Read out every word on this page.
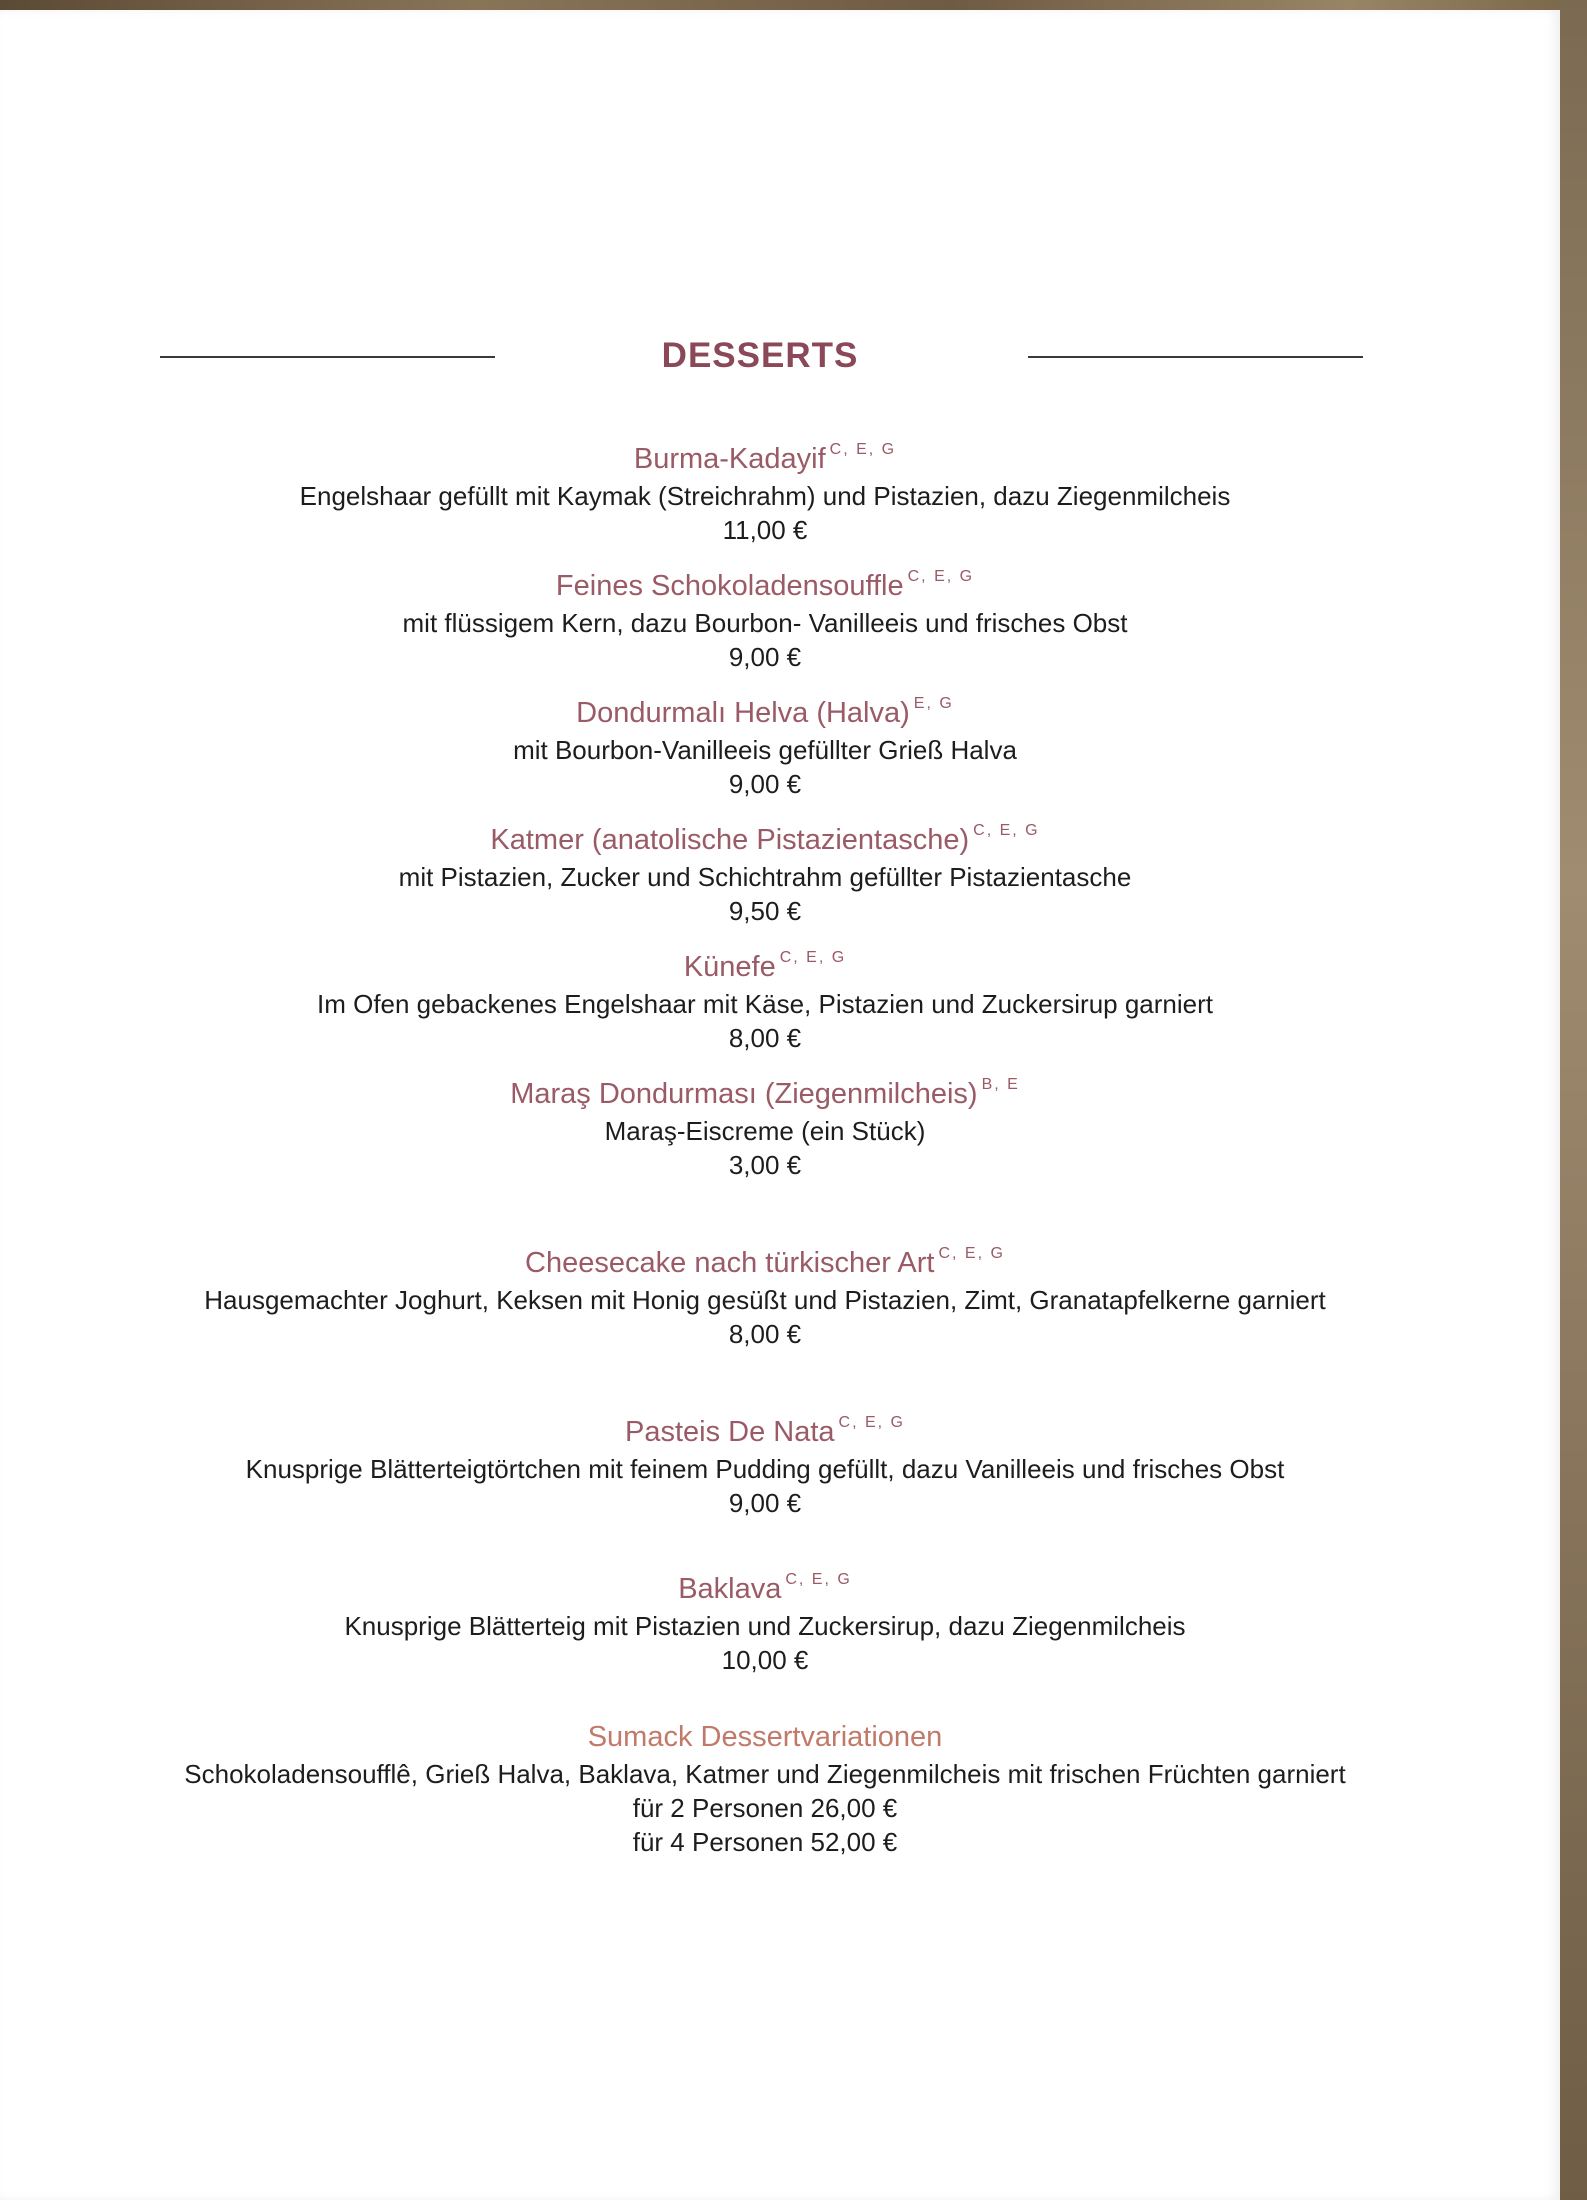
DESSERTS
Burma-Kadayif $^{C, E, G}$
Engelshaar gefüllt mit Kaymak (Streichrahm) und Pistazien, dazu Ziegenmilcheis
11,00 €
Feines Schokoladensouffle $^{C, E, G}$
mit flüssigem Kern, dazu Bourbon- Vanilleeis und frisches Obst
9,00 €
Dondurmalı Helva (Halva) $^{E, G}$
mit Bourbon-Vanilleeis gefüllter Grieß Halva
9,00 €
Katmer (anatolische Pistazientasche) $^{C, E, G}$
mit Pistazien, Zucker und Schichtrahm gefüllter Pistazientasche
9,50 €
Künefe $^{C, E, G}$
Im Ofen gebackenes Engelshaar mit Käse, Pistazien und Zuckersirup garniert
8,00 €
Maraş Dondurması (Ziegenmilcheis) $^{B, E}$
Maraş-Eiscreme (ein Stück)
3,00 €
Cheesecake nach türkischer Art $^{C, E, G}$
Hausgemachter Joghurt, Keksen mit Honig gesüßt und Pistazien, Zimt, Granatapfelkerne garniert
8,00 €
Pasteis De Nata $^{C, E, G}$
Knusprige Blätterteigtörtchen mit feinem Pudding gefüllt, dazu Vanilleeis und frisches Obst
9,00 €
Baklava $^{C, E, G}$
Knusprige Blätterteig mit Pistazien und Zuckersirup, dazu Ziegenmilcheis
10,00 €
Sumack Dessertvariationen
Schokoladensoufflê, Grieß Halva, Baklava, Katmer und Ziegenmilcheis mit frischen Früchten garniert
für 2 Personen 26,00 €
für 4 Personen 52,00 €
